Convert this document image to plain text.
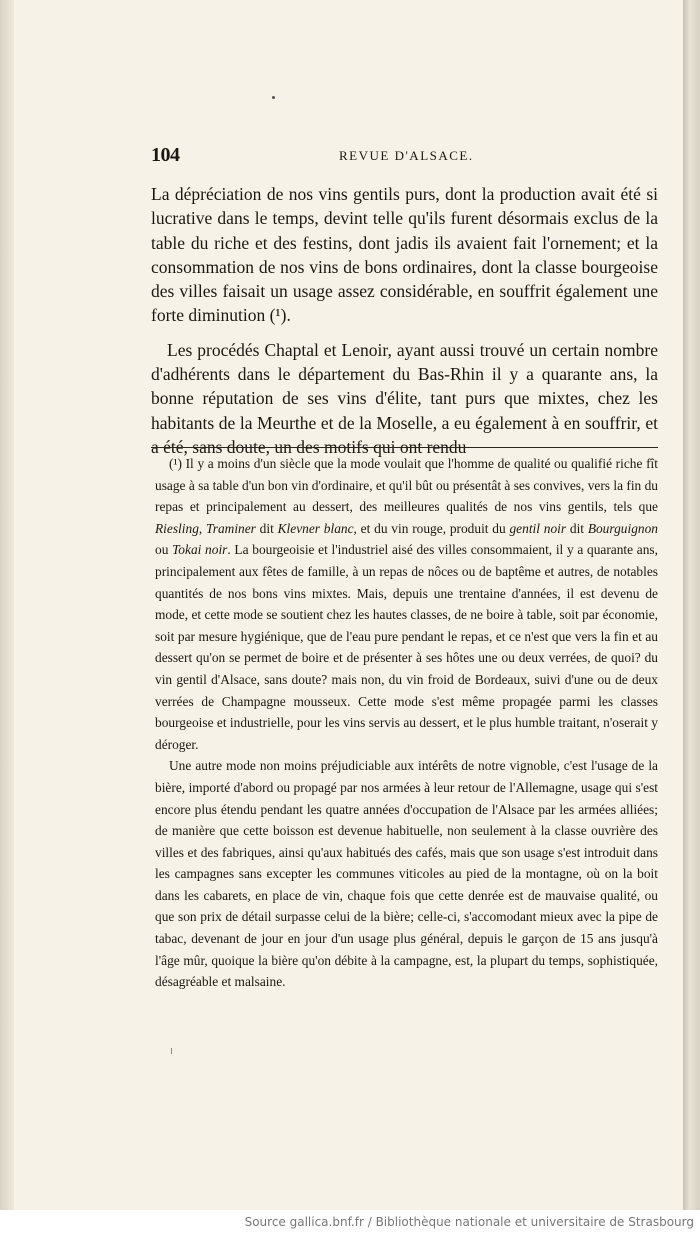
104	REVUE D'ALSACE.

La dépréciation de nos vins gentils purs, dont la production avait été si lucrative dans le temps, devint telle qu'ils furent désormais exclus de la table du riche et des festins, dont jadis ils avaient fait l'ornement; et la consommation de nos vins de bons ordinaires, dont la classe bourgeoise des villes faisait un usage assez considérable, en souffrit également une forte diminution (¹).

Les procédés Chaptal et Lenoir, ayant aussi trouvé un certain nombre d'adhérents dans le département du Bas-Rhin il y a quarante ans, la bonne réputation de ses vins d'élite, tant purs que mixtes, chez les habitants de la Meurthe et de la Moselle, a eu également à en souffrir, et a été, sans doute, un des motifs qui ont rendu

(¹) Il y a moins d'un siècle que la mode voulait que l'homme de qualité ou qualifié riche fît usage à sa table d'un bon vin d'ordinaire, et qu'il bût ou présentât à ses convives, vers la fin du repas et principalement au dessert, des meilleures qualités de nos vins gentils, tels que Riesling, Traminer dit Klevner blanc, et du vin rouge, produit du gentil noir dit Bourguignon ou Tokai noir. La bourgeoisie et l'industriel aisé des villes consommaient, il y a quarante ans, principalement aux fêtes de famille, à un repas de nôces ou de baptême et autres, de notables quantités de nos bons vins mixtes. Mais, depuis une trentaine d'années, il est devenu de mode, et cette mode se soutient chez les hautes classes, de ne boire à table, soit par économie, soit par mesure hygiénique, que de l'eau pure pendant le repas, et ce n'est que vers la fin et au dessert qu'on se permet de boire et de présenter à ses hôtes une ou deux verrées, de quoi? du vin gentil d'Alsace, sans doute? mais non, du vin froid de Bordeaux, suivi d'une ou de deux verrées de Champagne mousseux. Cette mode s'est même propagée parmi les classes bourgeoise et industrielle, pour les vins servis au dessert, et le plus humble traitant, n'oserait y déroger.

Une autre mode non moins préjudiciable aux intérêts de notre vignoble, c'est l'usage de la bière, importé d'abord ou propagé par nos armées à leur retour de l'Allemagne, usage qui s'est encore plus étendu pendant les quatre années d'occupation de l'Alsace par les armées alliées; de manière que cette boisson est devenue habituelle, non seulement à la classe ouvrière des villes et des fabriques, ainsi qu'aux habitués des cafés, mais que son usage s'est introduit dans les campagnes sans excepter les communes viticoles au pied de la montagne, où on la boit dans les cabarets, en place de vin, chaque fois que cette denrée est de mauvaise qualité, ou que son prix de détail surpasse celui de la bière; celle-ci, s'accomodant mieux avec la pipe de tabac, devenant de jour en jour d'un usage plus général, depuis le garçon de 15 ans jusqu'à l'âge mûr, quoique la bière qu'on débite à la campagne, est, la plupart du temps, sophistiquée, désagréable et malsaine.

Source gallica.bnf.fr / Bibliothèque nationale et universitaire de Strasbourg
